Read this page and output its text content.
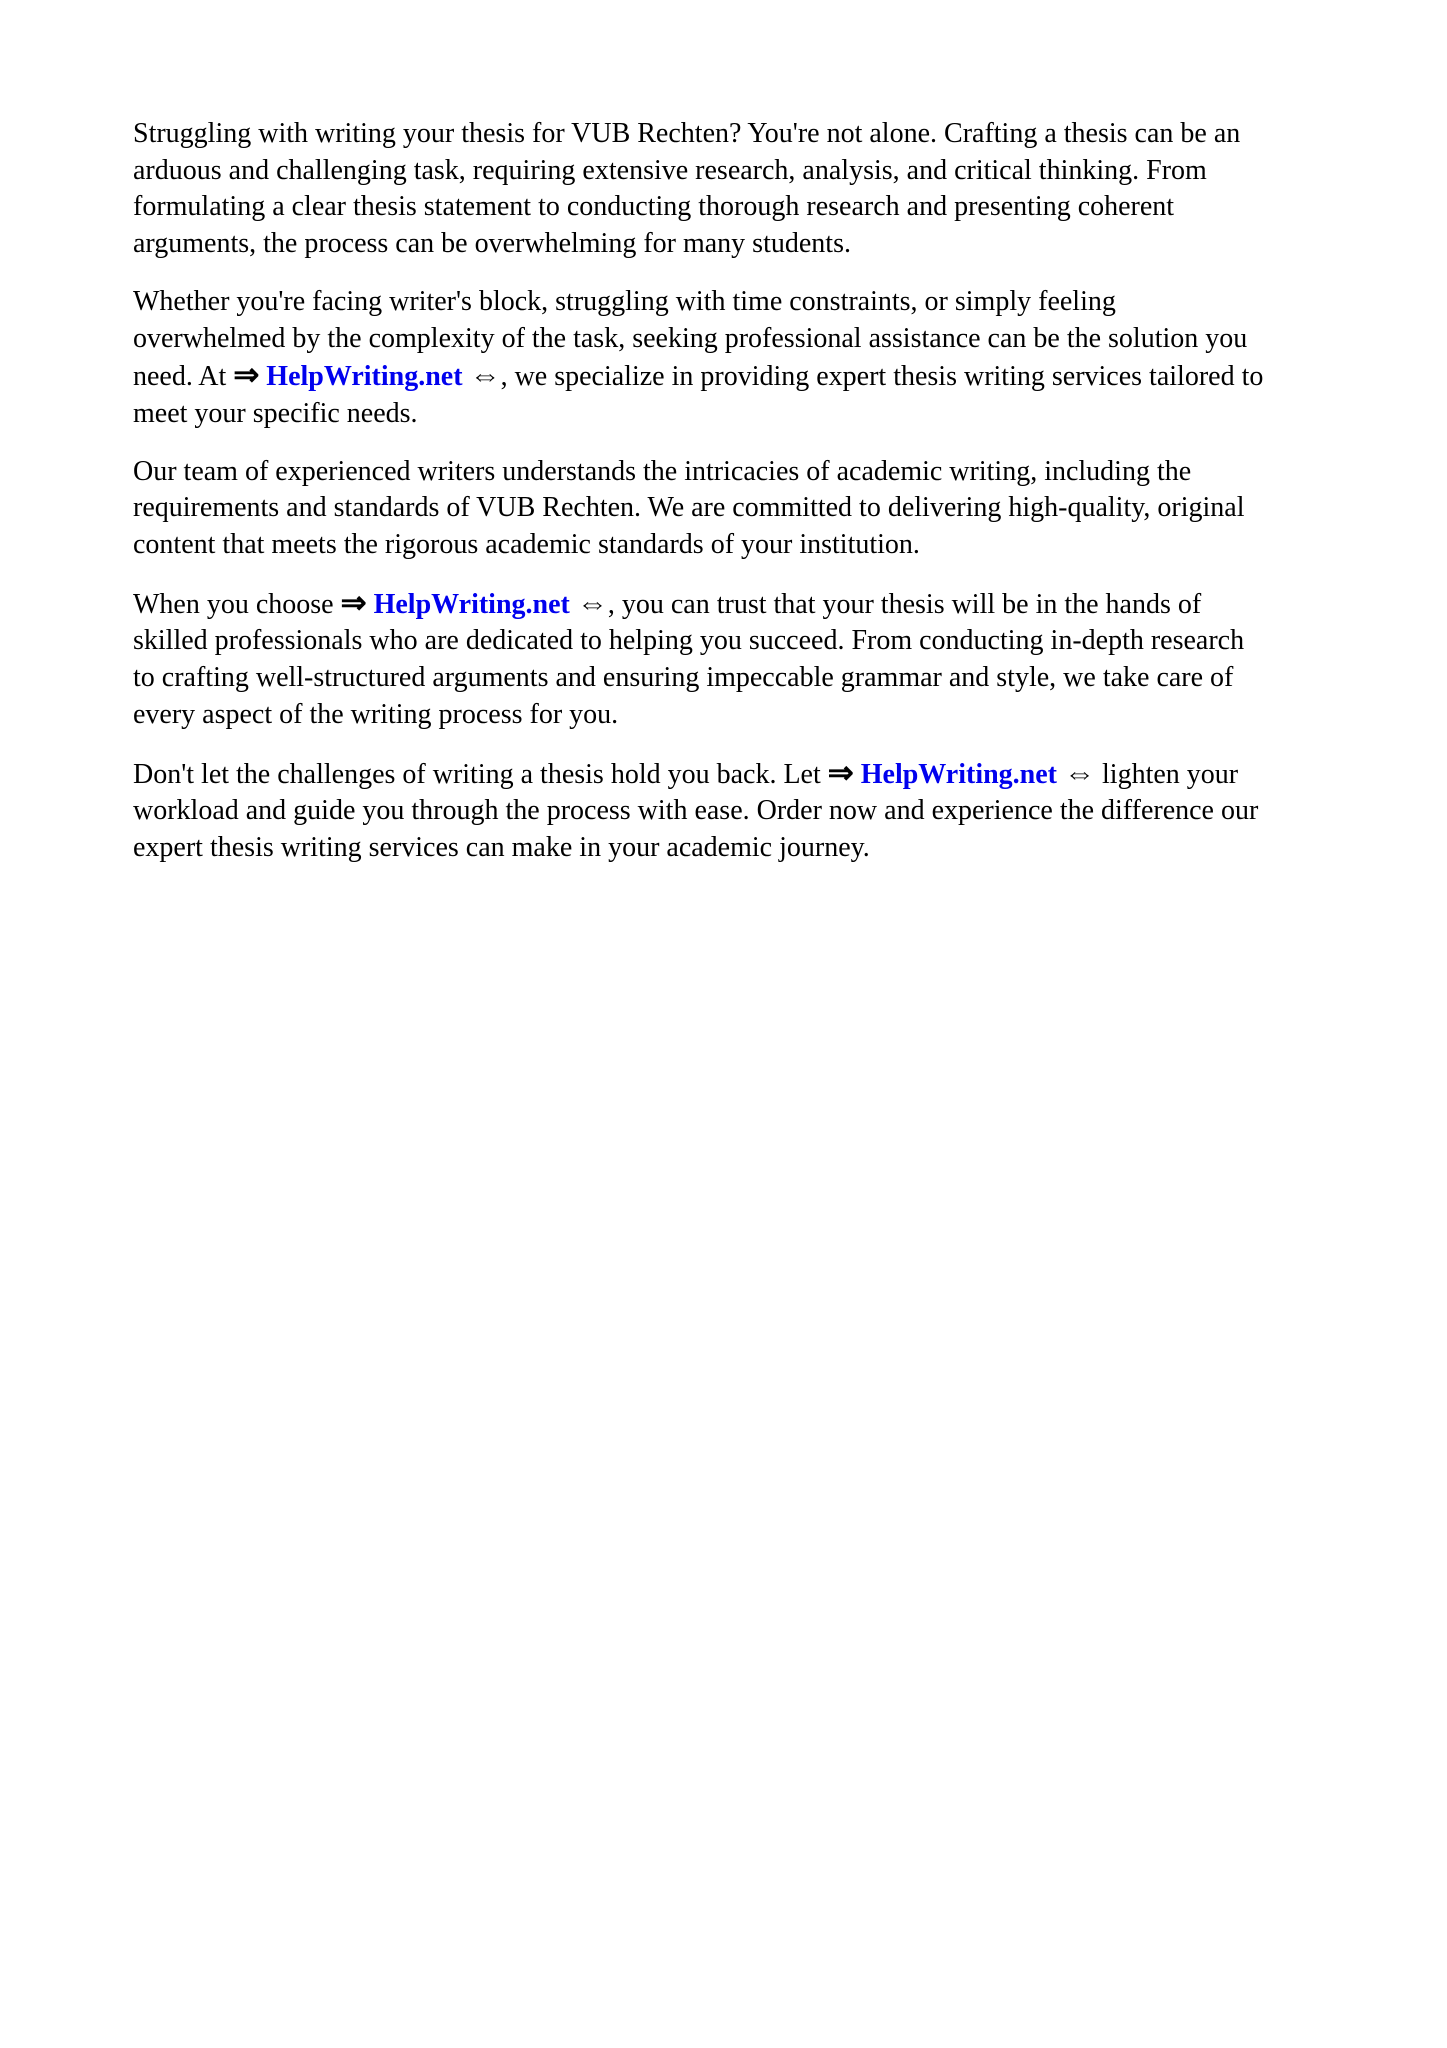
Struggling with writing your thesis for VUB Rechten? You're not alone. Crafting a thesis can be an
arduous and challenging task, requiring extensive research, analysis, and critical thinking. From
formulating a clear thesis statement to conducting thorough research and presenting coherent
arguments, the process can be overwhelming for many students.

Whether you're facing writer's block, struggling with time constraints, or simply feeling
overwhelmed by the complexity of the task, seeking professional assistance can be the solution you
need. At ⇒ HelpWriting.net ⇔, we specialize in providing expert thesis writing services tailored to
meet your specific needs.

Our team of experienced writers understands the intricacies of academic writing, including the
requirements and standards of VUB Rechten. We are committed to delivering high-quality, original
content that meets the rigorous academic standards of your institution.

When you choose ⇒ HelpWriting.net ⇔, you can trust that your thesis will be in the hands of
skilled professionals who are dedicated to helping you succeed. From conducting in-depth research
to crafting well-structured arguments and ensuring impeccable grammar and style, we take care of
every aspect of the writing process for you.

Don't let the challenges of writing a thesis hold you back. Let ⇒ HelpWriting.net ⇔ lighten your
workload and guide you through the process with ease. Order now and experience the difference our
expert thesis writing services can make in your academic journey.
